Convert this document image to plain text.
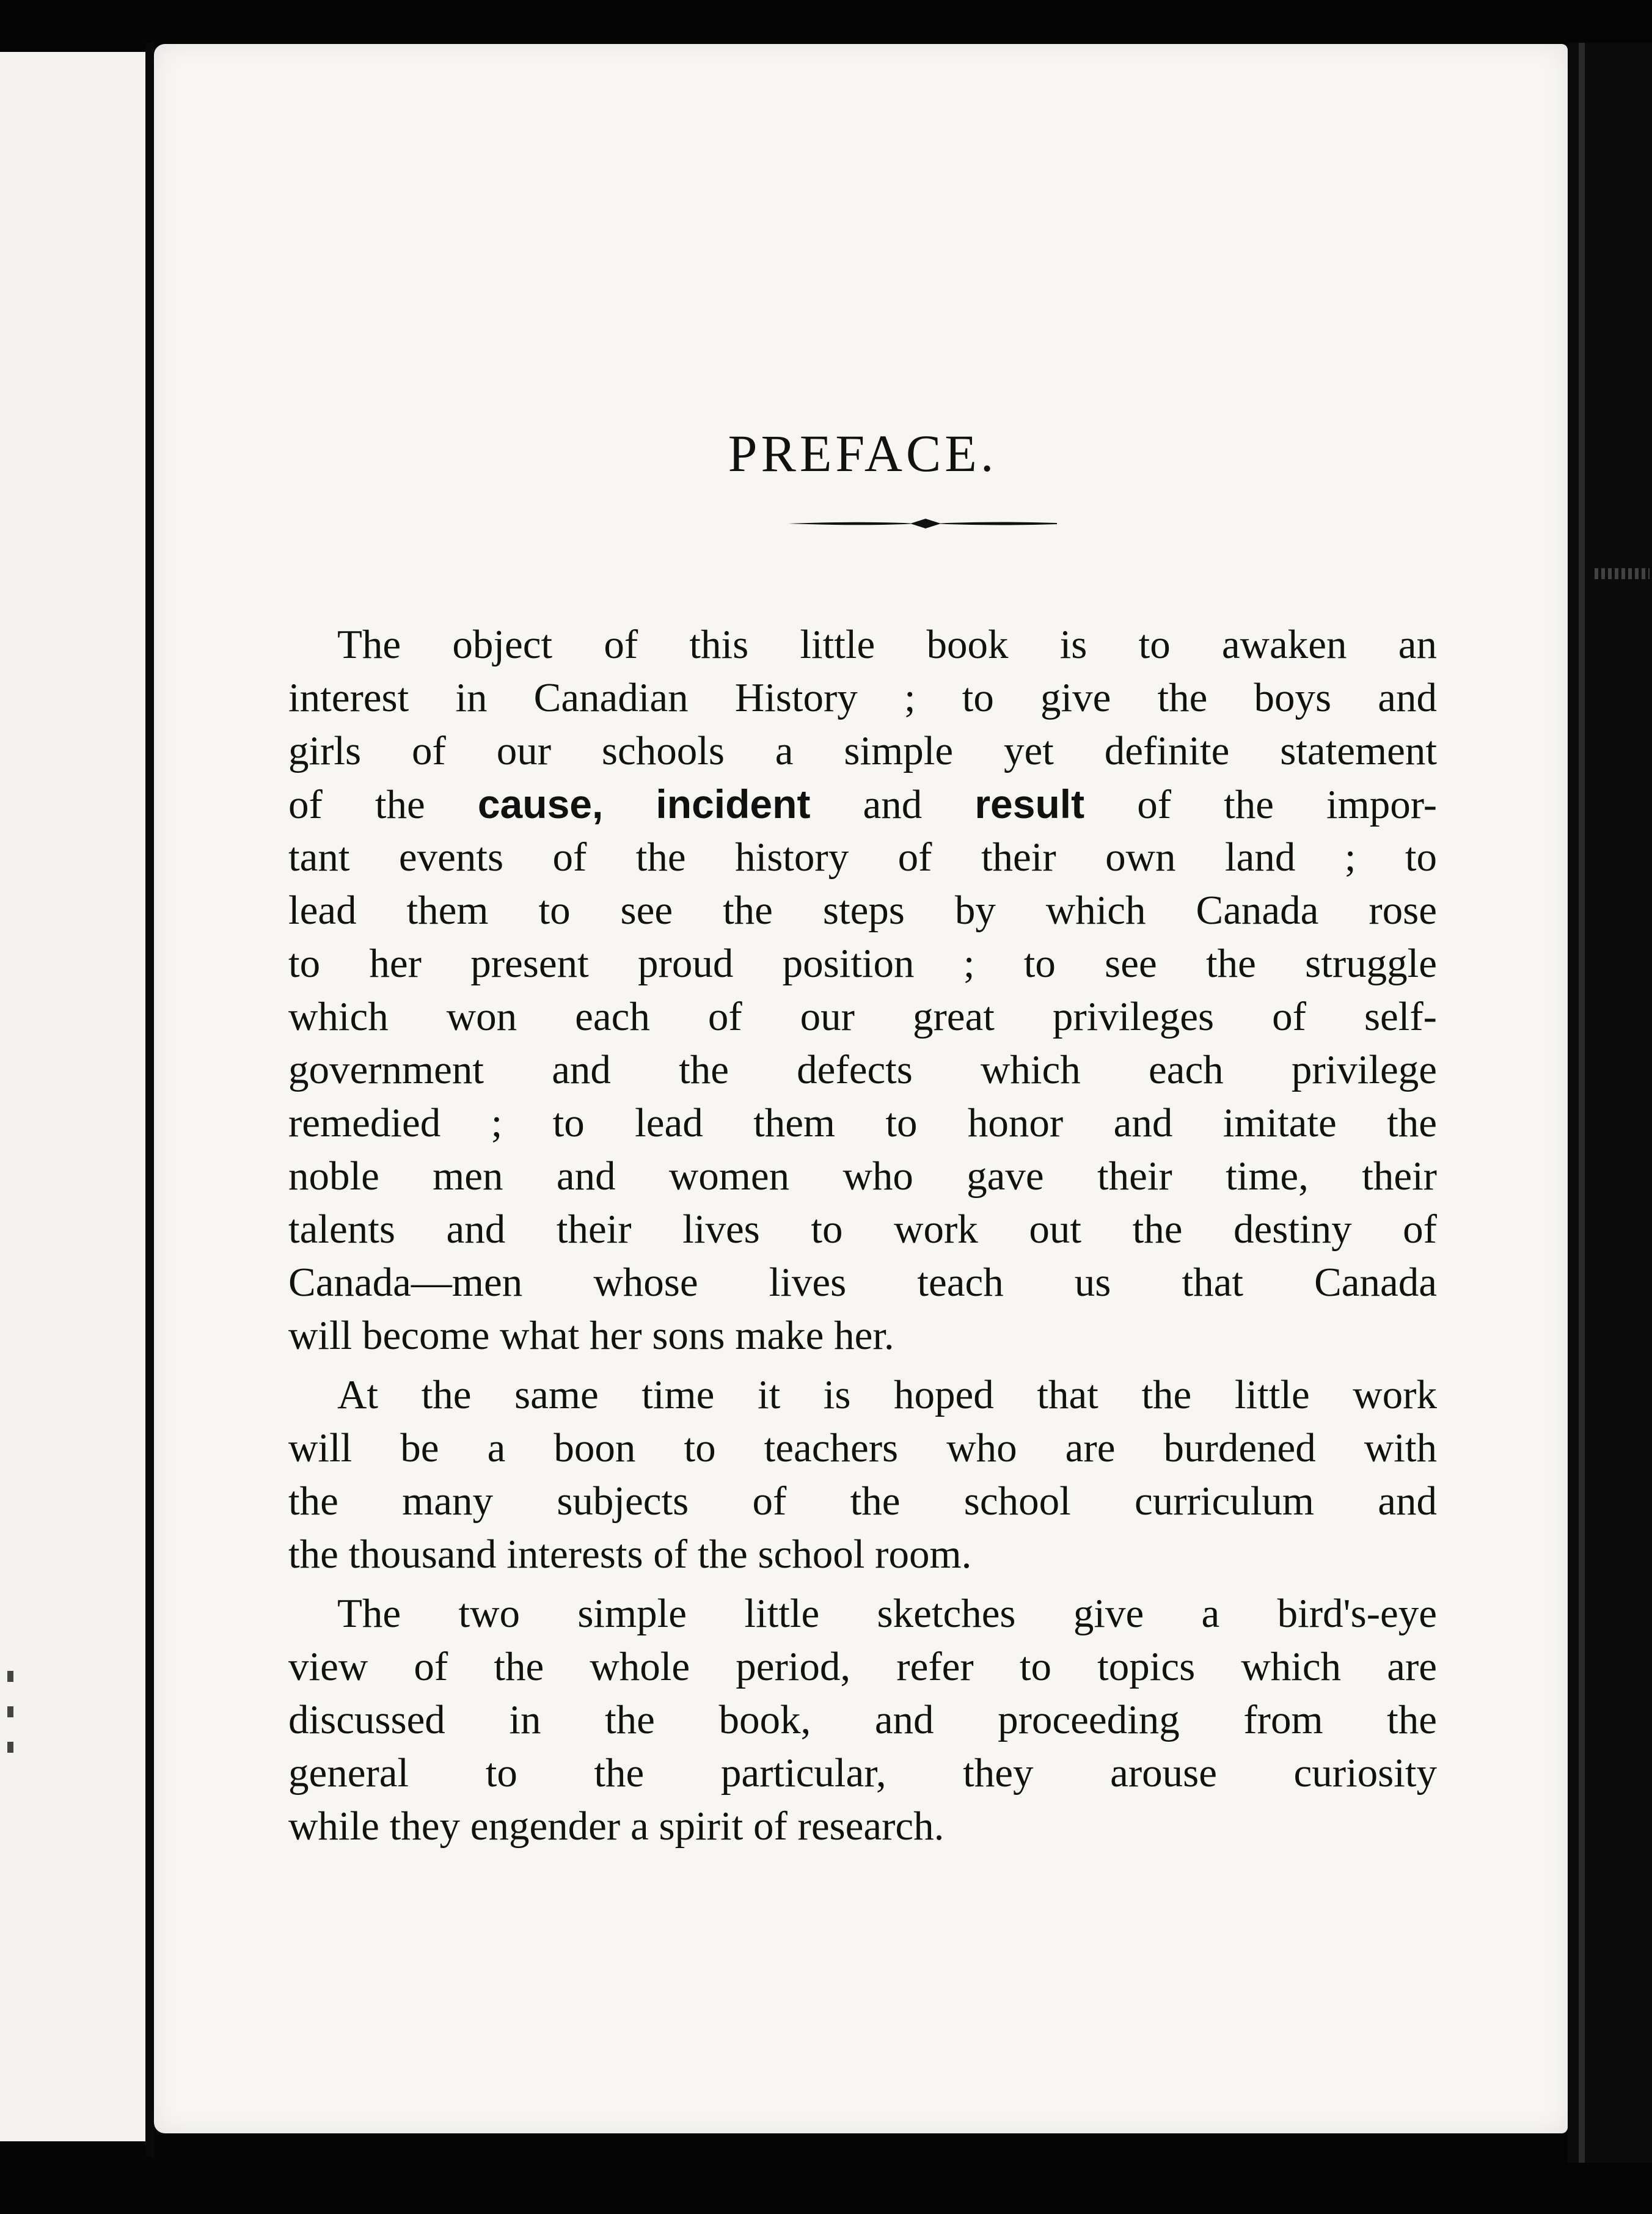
PREFACE.
The object of this little book is to awaken an
interest in Canadian History ; to give the boys and
girls of our schools a simple yet definite statement
of the cause, incident and result of the impor-
tant events of the history of their own land ; to
lead them to see the steps by which Canada rose
to her present proud position ; to see the struggle
which won each of our great privileges of self-
government and the defects which each privilege
remedied ; to lead them to honor and imitate the
noble men and women who gave their time, their
talents and their lives to work out the destiny of
Canada—men whose lives teach us that Canada
will become what her sons make her.
At the same time it is hoped that the little work
will be a boon to teachers who are burdened with
the many subjects of the school curriculum and
the thousand interests of the school room.
The two simple little sketches give a bird's-eye
view of the whole period, refer to topics which are
discussed in the book, and proceeding from the
general to the particular, they arouse curiosity
while they engender a spirit of research.
